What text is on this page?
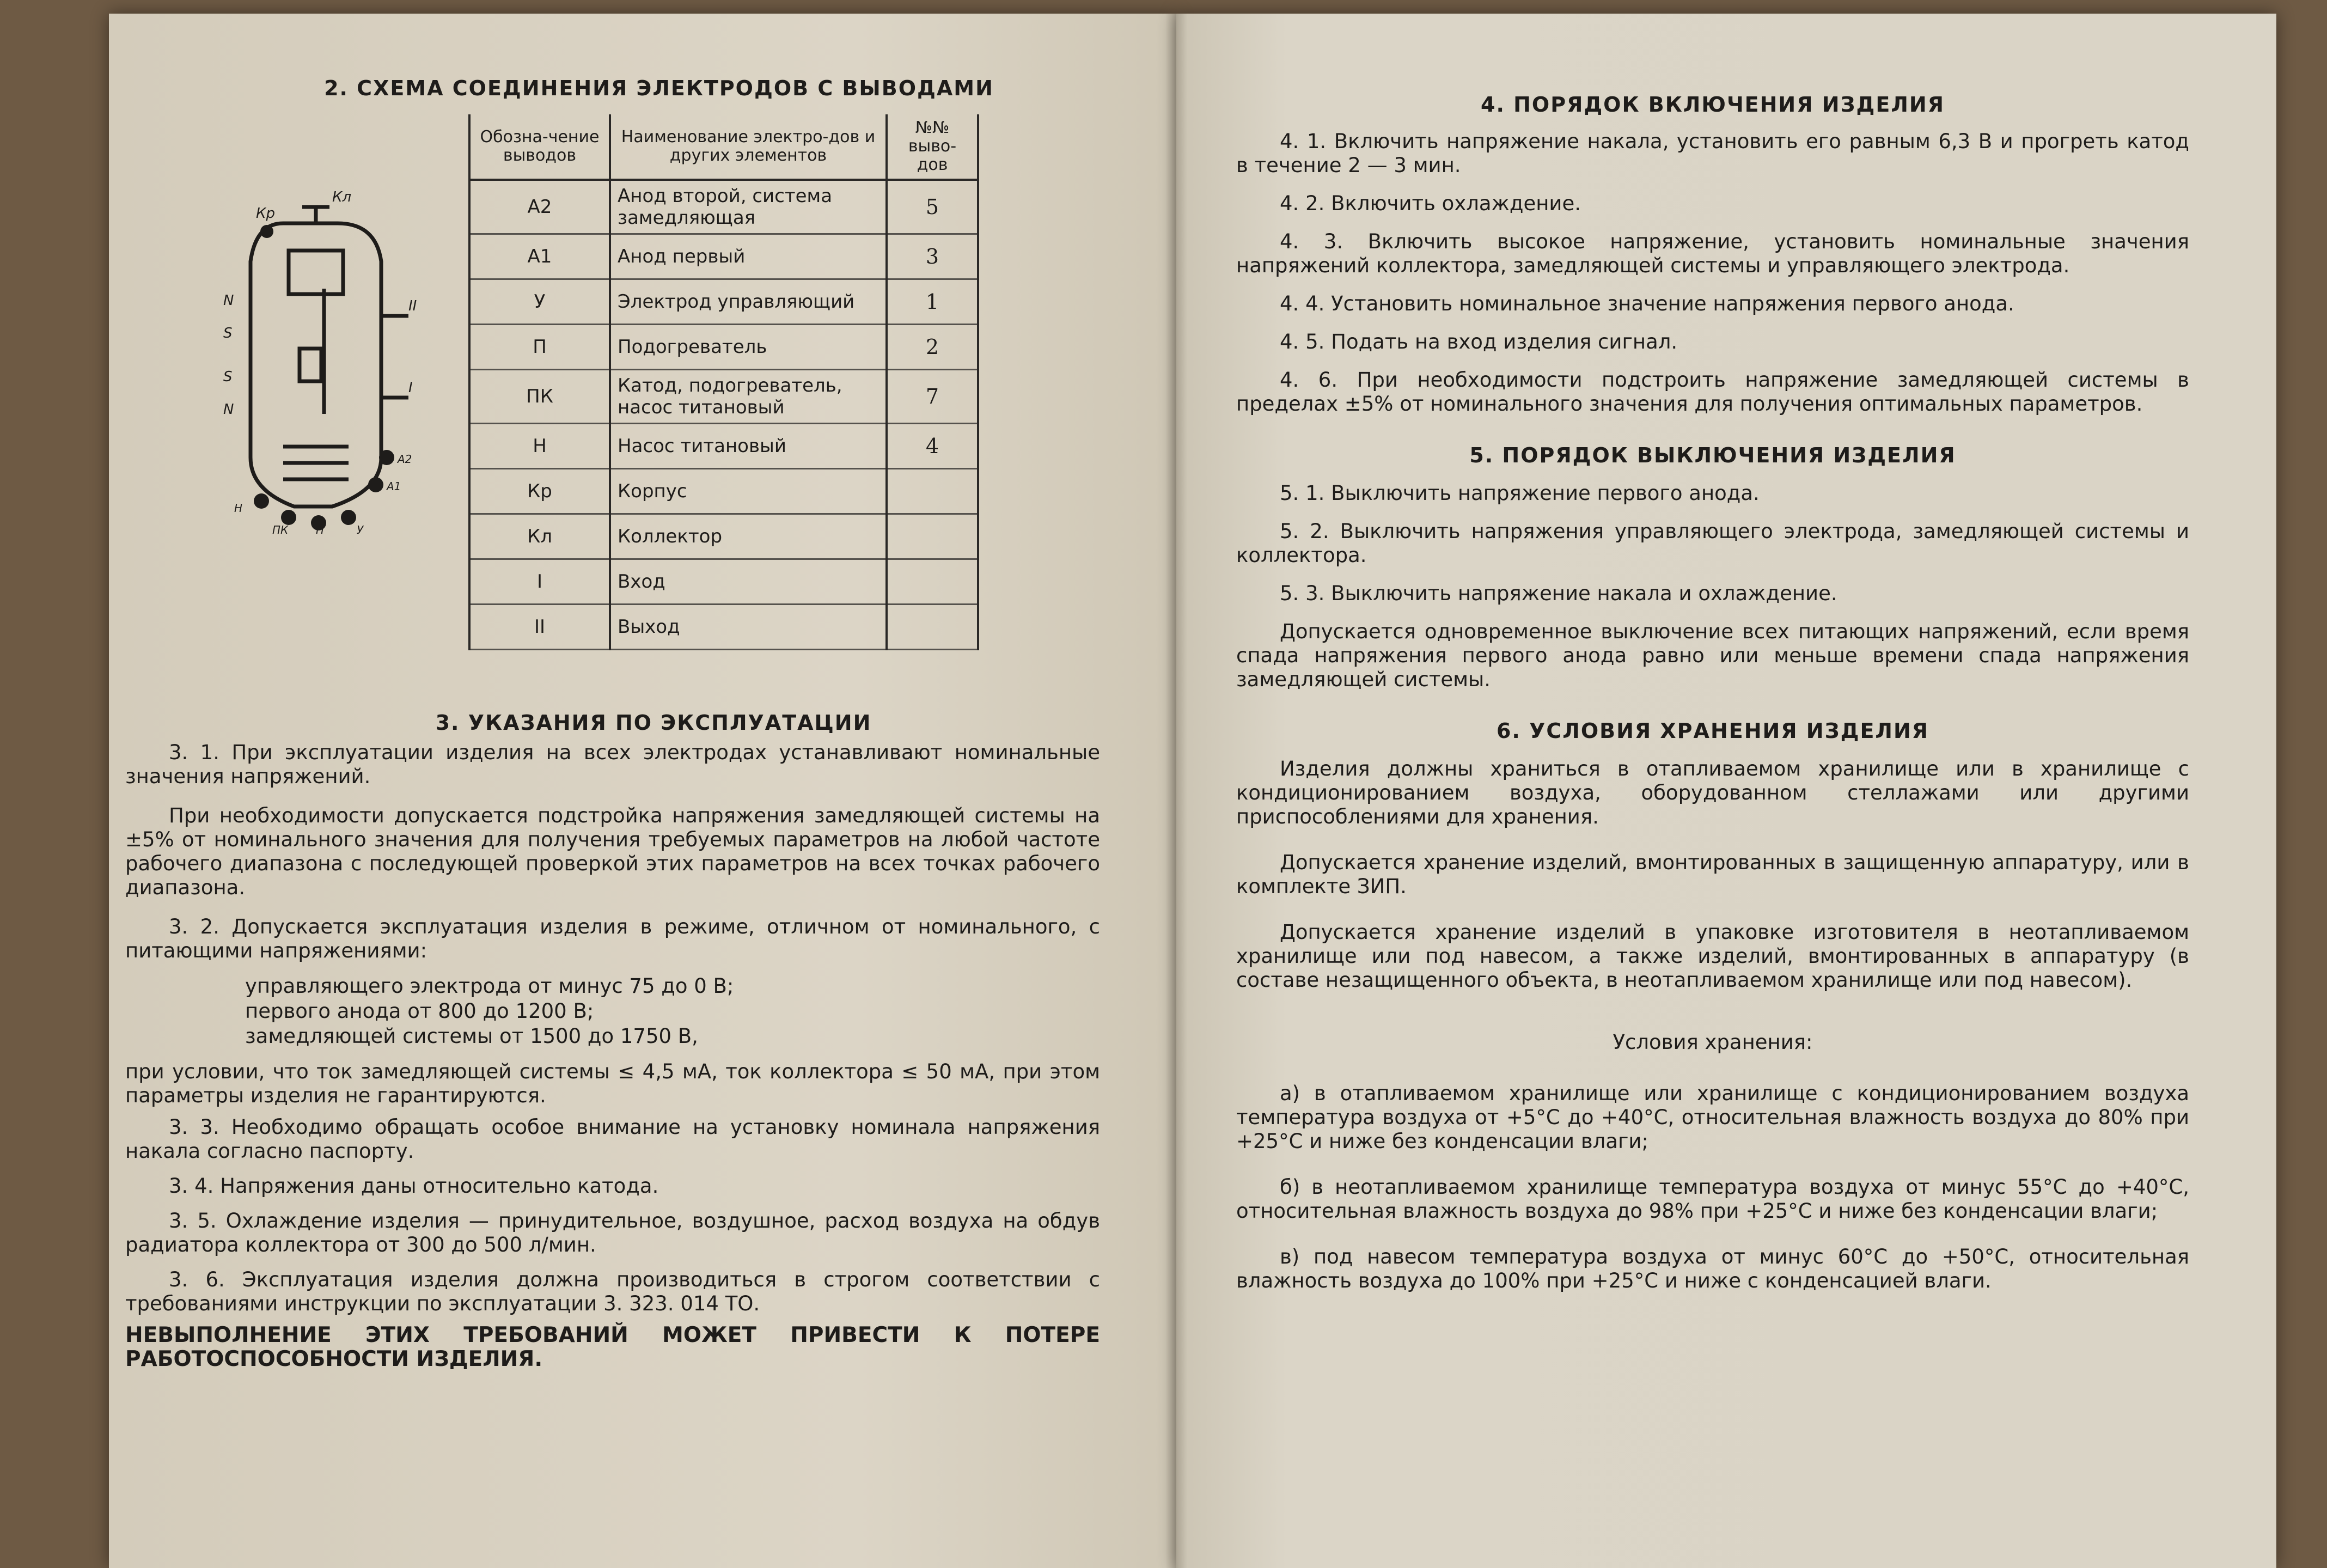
2. СХЕМА СОЕДИНЕНИЯ ЭЛЕКТРОДОВ С ВЫВОДАМИ
Кр
Кл
II
I
N
S
S
N
А2
А1
Н
ПК	П	У
Обозна-чение выводов	Наименование электро-дов и других элементов	№№ выво-дов
А2	Анод второй, система замедляющая	5
А1	Анод первый	3
У	Электрод управляющий	1
П	Подогреватель	2
ПК	Катод, подогреватель, насос титановый	7
Н	Насос титановый	4
Кр	Корпус	
Кл	Коллектор	
I	Вход	
II	Выход	
3. УКАЗАНИЯ ПО ЭКСПЛУАТАЦИИ

3. 1. При эксплуатации изделия на всех электродах устанавливают номинальные значения напряжений.

При необходимости допускается подстройка напряжения замедляющей системы на ±5% от номинального значения для получения требуемых параметров на любой частоте рабочего диапазона с последующей проверкой этих параметров на всех точках рабочего диапазона.

3. 2. Допускается эксплуатация изделия в режиме, отличном от номинального, с питающими напряжениями:

управляющего электрода от минус 75 до 0 В;
первого анода от 800 до 1200 В;
замедляющей системы от 1500 до 1750 В,

при условии, что ток замедляющей системы ≤ 4,5 мА, ток коллектора ≤ 50 мА, при этом параметры изделия не гарантируются.

3. 3. Необходимо обращать особое внимание на установку номинала напряжения накала согласно паспорту.

3. 4. Напряжения даны относительно катода.

3. 5. Охлаждение изделия — принудительное, воздушное, расход воздуха на обдув радиатора коллектора от 300 до 500 л/мин.

3. 6. Эксплуатация изделия должна производиться в строгом соответствии с требованиями инструкции по эксплуатации 3. 323. 014 ТО.

НЕВЫПОЛНЕНИЕ ЭТИХ ТРЕБОВАНИЙ МОЖЕТ ПРИВЕСТИ К ПОТЕРЕ РАБОТОСПОСОБНОСТИ ИЗДЕЛИЯ.

4. ПОРЯДОК ВКЛЮЧЕНИЯ ИЗДЕЛИЯ

4. 1. Включить напряжение накала, установить его равным 6,3 В и прогреть катод в течение 2 — 3 мин.

4. 2. Включить охлаждение.

4. 3. Включить высокое напряжение, установить номинальные значения напряжений коллектора, замедляющей системы и управляющего электрода.

4. 4. Установить номинальное значение напряжения первого анода.

4. 5. Подать на вход изделия сигнал.

4. 6. При необходимости подстроить напряжение замедляющей системы в пределах ±5% от номинального значения для получения оптимальных параметров.

5. ПОРЯДОК ВЫКЛЮЧЕНИЯ ИЗДЕЛИЯ

5. 1. Выключить напряжение первого анода.

5. 2. Выключить напряжения управляющего электрода, замедляющей системы и коллектора.

5. 3. Выключить напряжение накала и охлаждение.

Допускается одновременное выключение всех питающих напряжений, если время спада напряжения первого анода равно или меньше времени спада напряжения замедляющей системы.

6. УСЛОВИЯ ХРАНЕНИЯ ИЗДЕЛИЯ

Изделия должны храниться в отапливаемом хранилище или в хранилище с кондиционированием воздуха, оборудованном стеллажами или другими приспособлениями для хранения.

Допускается хранение изделий, вмонтированных в защищенную аппаратуру, или в комплекте ЗИП.

Допускается хранение изделий в упаковке изготовителя в неотапливаемом хранилище или под навесом, а также изделий, вмонтированных в аппаратуру (в составе незащищенного объекта, в неотапливаемом хранилище или под навесом).

Условия хранения:

а) в отапливаемом хранилище или хранилище с кондиционированием воздуха температура воздуха от +5°С до +40°С, относительная влажность воздуха до 80% при +25°С и ниже без конденсации влаги;

б) в неотапливаемом хранилище температура воздуха от минус 55°С до +40°С, относительная влажность воздуха до 98% при +25°С и ниже без конденсации влаги;

в) под навесом температура воздуха от минус 60°С до +50°С, относительная влажность воздуха до 100% при +25°С и ниже с конденсацией влаги.
